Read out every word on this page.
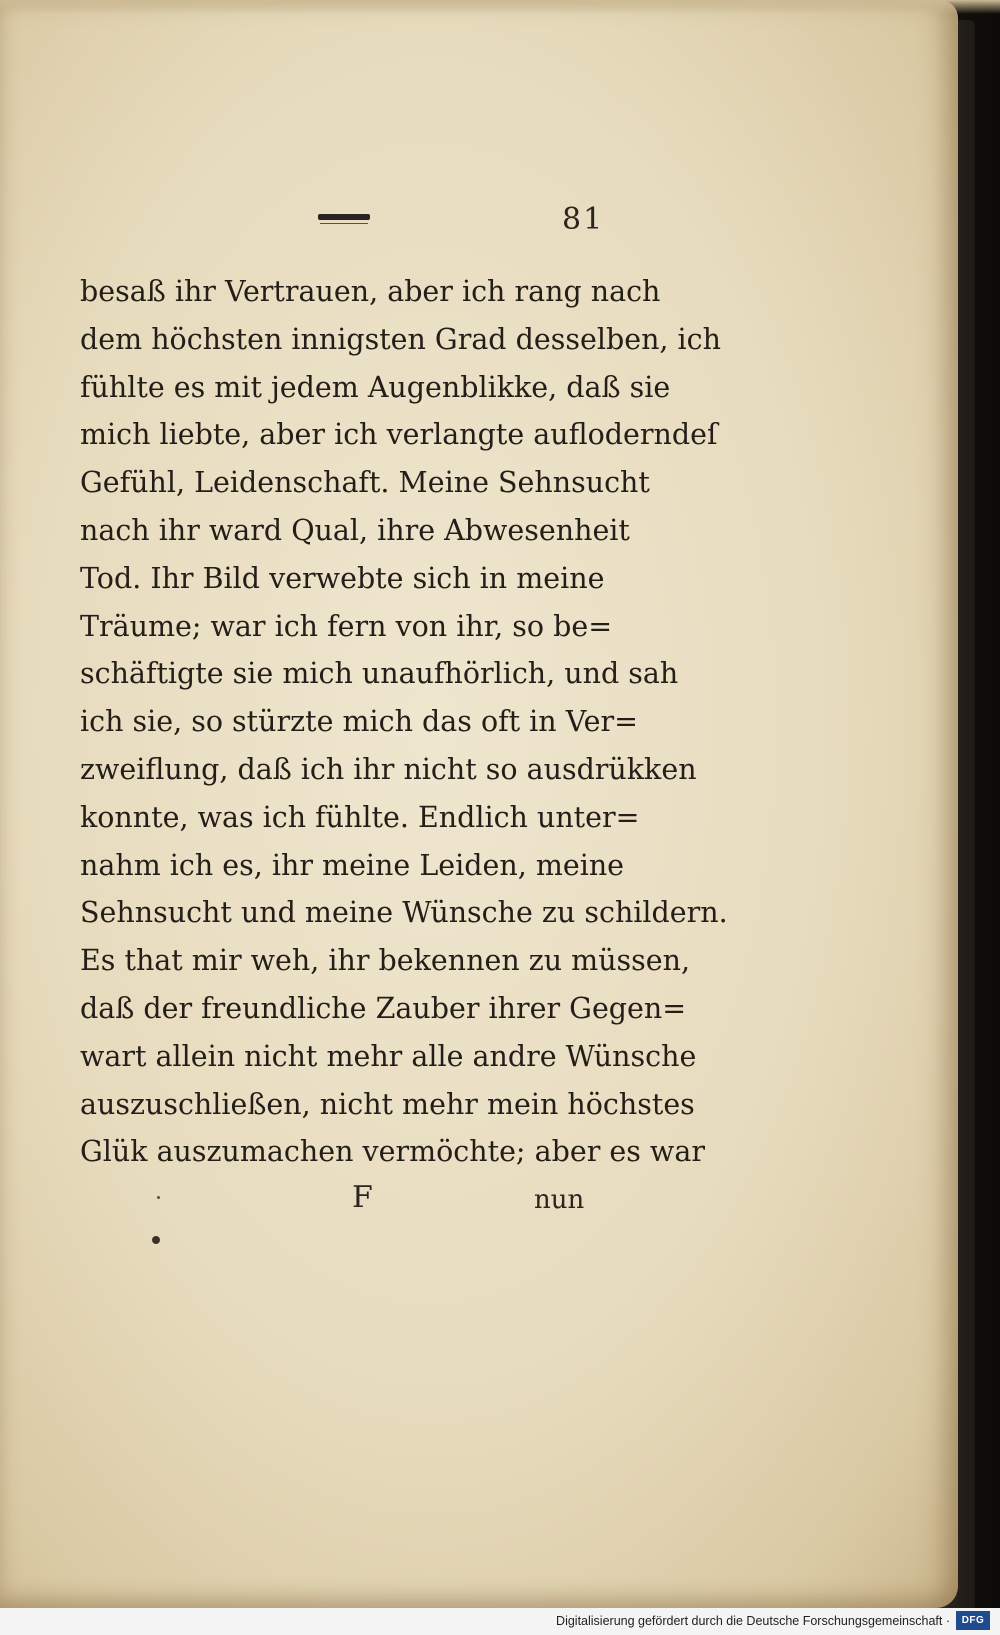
81
besaß ihr Vertrauen, aber ich rang nach
dem höchsten innigsten Grad desselben, ich
fühlte es mit jedem Augenblikke, daß sie
mich liebte, aber ich verlangte aufloderndeſ
Gefühl, Leidenschaft. Meine Sehnsucht
nach ihr ward Qual, ihre Abwesenheit
Tod. Ihr Bild verwebte sich in meine
Träume; war ich fern von ihr, so be=
schäftigte sie mich unaufhörlich, und sah
ich sie, so stürzte mich das oft in Ver=
zweiflung, daß ich ihr nicht so ausdrükken
konnte, was ich fühlte. Endlich unter=
nahm ich es, ihr meine Leiden, meine
Sehnsucht und meine Wünsche zu schildern.
Es that mir weh, ihr bekennen zu müssen,
daß der freundliche Zauber ihrer Gegen=
wart allein nicht mehr alle andre Wünsche
auszuschließen, nicht mehr mein höchstes
Glük auszumachen vermöchte; aber es war
F	nun
Digitalisierung gefördert durch die Deutsche Forschungsgemeinschaft ·	DFG
